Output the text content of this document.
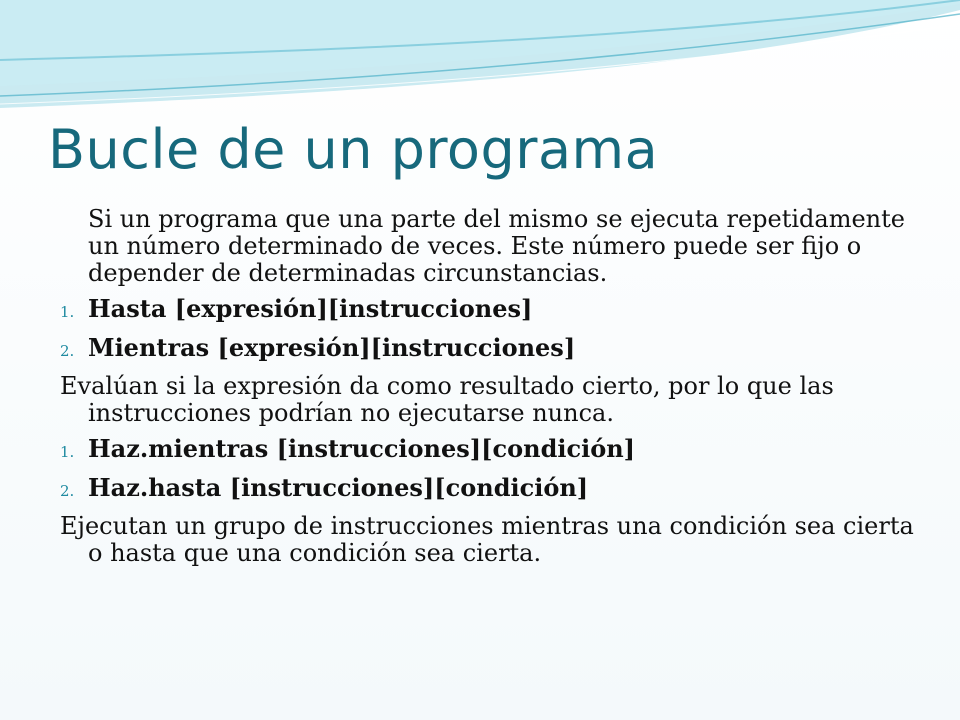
Bucle de un programa

Si un programa que una parte del mismo se ejecuta repetidamente un número determinado de veces. Este número puede ser fijo o depender de determinadas circunstancias.

1. Hasta [expresión][instrucciones]
2. Mientras [expresión][instrucciones]

Evalúan si la expresión da como resultado cierto, por lo que las instrucciones podrían no ejecutarse nunca.

1. Haz.mientras [instrucciones][condición]
2. Haz.hasta [instrucciones][condición]

Ejecutan un grupo de instrucciones mientras una condición sea cierta o hasta que una condición sea cierta.
